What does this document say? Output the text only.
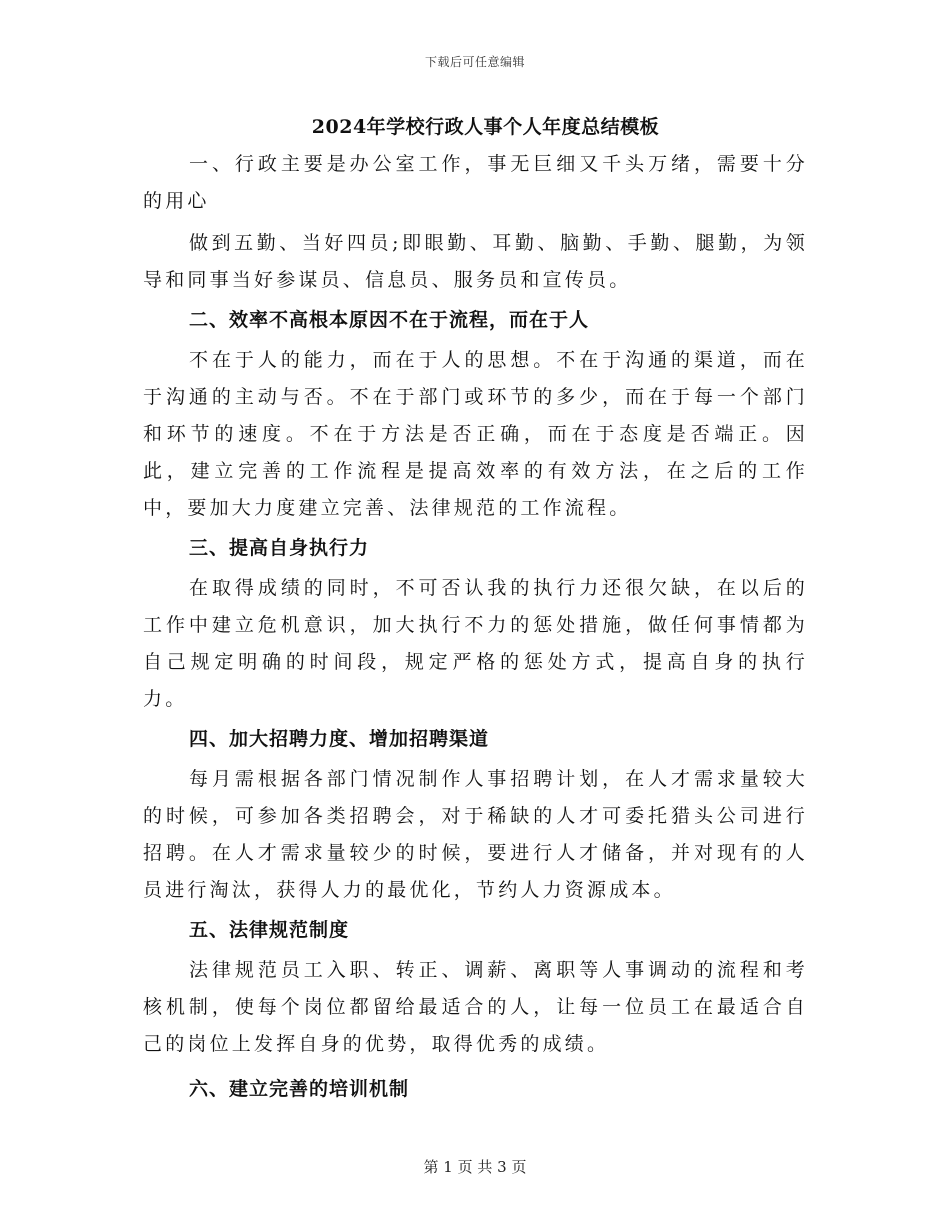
下载后可任意编辑
2024年学校行政人事个人年度总结模板

一、行政主要是办公室工作，事无巨细又千头万绪，需要十分的用心

做到五勤、当好四员;即眼勤、耳勤、脑勤、手勤、腿勤，为领导和同事当好参谋员、信息员、服务员和宣传员。

二、效率不高根本原因不在于流程，而在于人

不在于人的能力，而在于人的思想。不在于沟通的渠道，而在于沟通的主动与否。不在于部门或环节的多少，而在于每一个部门和环节的速度。不在于方法是否正确，而在于态度是否端正。因此，建立完善的工作流程是提高效率的有效方法，在之后的工作中，要加大力度建立完善、法律规范的工作流程。

三、提高自身执行力

在取得成绩的同时，不可否认我的执行力还很欠缺，在以后的工作中建立危机意识，加大执行不力的惩处措施，做任何事情都为自己规定明确的时间段，规定严格的惩处方式，提高自身的执行力。

四、加大招聘力度、增加招聘渠道

每月需根据各部门情况制作人事招聘计划，在人才需求量较大的时候，可参加各类招聘会，对于稀缺的人才可委托猎头公司进行招聘。在人才需求量较少的时候，要进行人才储备，并对现有的人员进行淘汰，获得人力的最优化，节约人力资源成本。

五、法律规范制度

法律规范员工入职、转正、调薪、离职等人事调动的流程和考核机制，使每个岗位都留给最适合的人，让每一位员工在最适合自己的岗位上发挥自身的优势，取得优秀的成绩。

六、建立完善的培训机制
第 1 页 共 3 页
